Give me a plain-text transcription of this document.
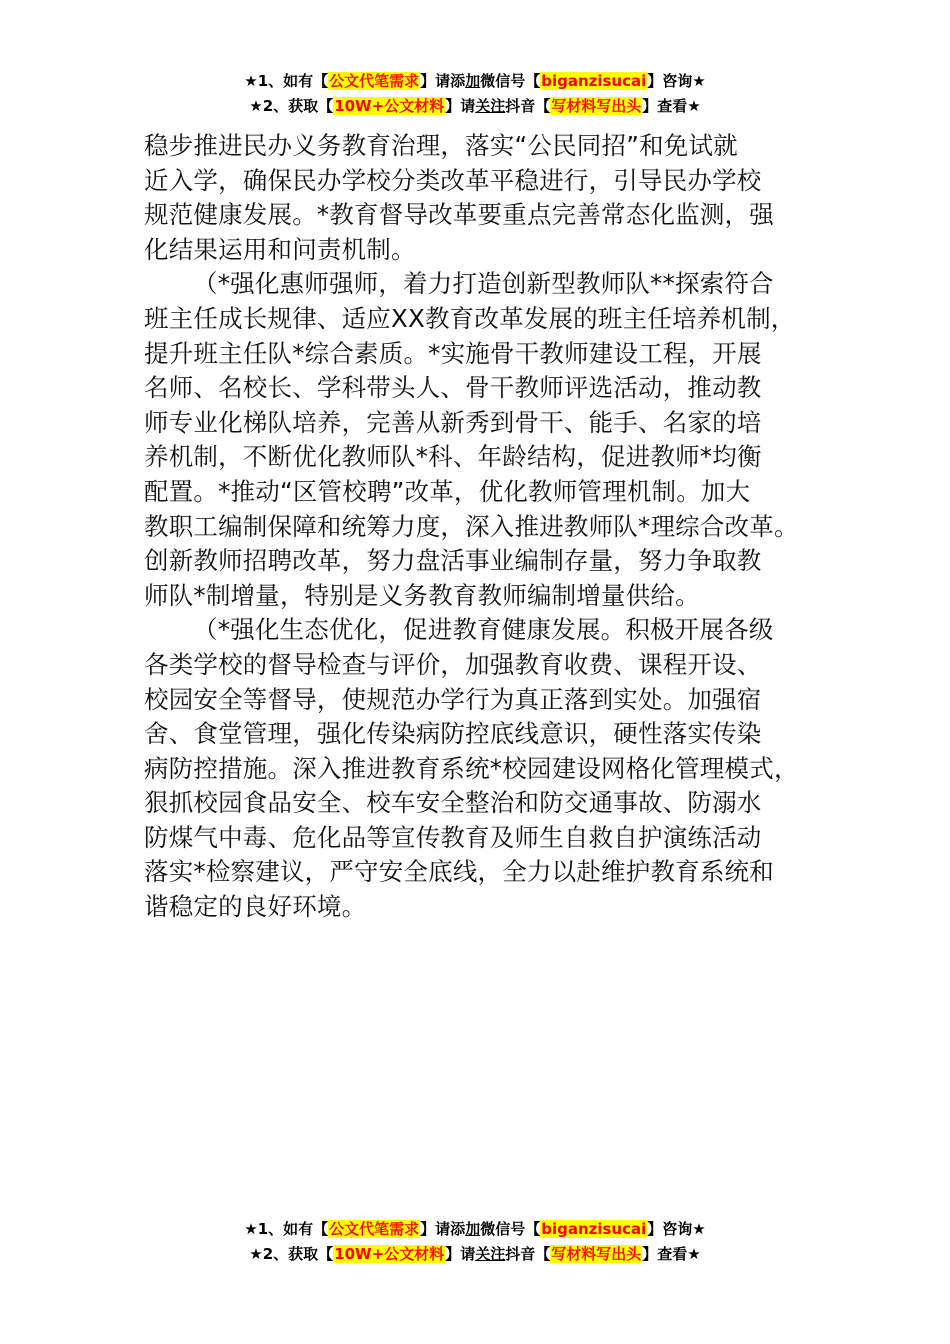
★1、如有【公文代笔需求】请添加微信号【biganzisucai】咨询★
★2、获取【10W+公文材料】请关注抖音【写材料写出头】查看★

稳步推进民办义务教育治理，落实“公民同招”和免试就
近入学，确保民办学校分类改革平稳进行，引导民办学校
规范健康发展。*教育督导改革要重点完善常态化监测，强
化结果运用和问责机制。

（*强化惠师强师，着力打造创新型教师队**探索符合
班主任成长规律、适应XX教育改革发展的班主任培养机制，
提升班主任队*综合素质。*实施骨干教师建设工程，开展
名师、名校长、学科带头人、骨干教师评选活动，推动教
师专业化梯队培养，完善从新秀到骨干、能手、名家的培
养机制，不断优化教师队*科、年龄结构，促进教师*均衡
配置。*推动“区管校聘”改革，优化教师管理机制。加大
教职工编制保障和统筹力度，深入推进教师队*理综合改革。
创新教师招聘改革，努力盘活事业编制存量，努力争取教
师队*制增量，特别是义务教育教师编制增量供给。

（*强化生态优化，促进教育健康发展。积极开展各级
各类学校的督导检查与评价，加强教育收费、课程开设、
校园安全等督导，使规范办学行为真正落到实处。加强宿
舍、食堂管理，强化传染病防控底线意识，硬性落实传染
病防控措施。深入推进教育系统*校园建设网格化管理模式，
狠抓校园食品安全、校车安全整治和防交通事故、防溺水
防煤气中毒、危化品等宣传教育及师生自救自护演练活动
落实*检察建议，严守安全底线，全力以赴维护教育系统和
谐稳定的良好环境。

★1、如有【公文代笔需求】请添加微信号【biganzisucai】咨询★
★2、获取【10W+公文材料】请关注抖音【写材料写出头】查看★
